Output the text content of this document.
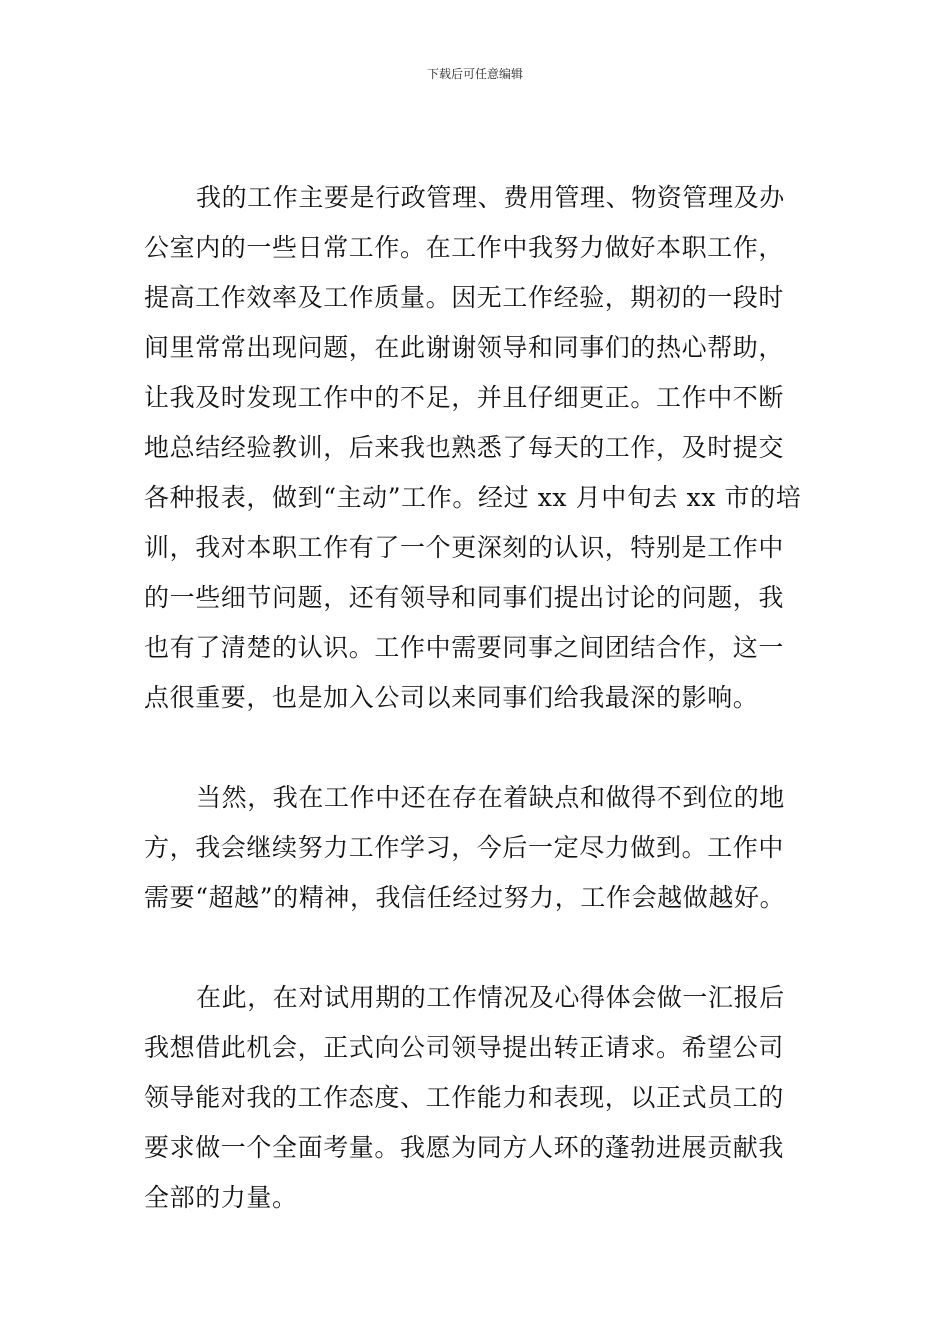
下载后可任意编辑
我的工作主要是行政管理、费用管理、物资管理及办
公室内的一些日常工作。在工作中我努力做好本职工作，
提高工作效率及工作质量。因无工作经验，期初的一段时
间里常常出现问题，在此谢谢领导和同事们的热心帮助，
让我及时发现工作中的不足，并且仔细更正。工作中不断
地总结经验教训，后来我也熟悉了每天的工作，及时提交
各种报表，做到“主动”工作。经过 xx 月中旬去 xx 市的培
训，我对本职工作有了一个更深刻的认识，特别是工作中
的一些细节问题，还有领导和同事们提出讨论的问题，我
也有了清楚的认识。工作中需要同事之间团结合作，这一
点很重要，也是加入公司以来同事们给我最深的影响。
当然，我在工作中还在存在着缺点和做得不到位的地
方，我会继续努力工作学习，今后一定尽力做到。工作中
需要“超越”的精神，我信任经过努力，工作会越做越好。
在此，在对试用期的工作情况及心得体会做一汇报后
我想借此机会，正式向公司领导提出转正请求。希望公司
领导能对我的工作态度、工作能力和表现，以正式员工的
要求做一个全面考量。我愿为同方人环的蓬勃进展贡献我
全部的力量。
